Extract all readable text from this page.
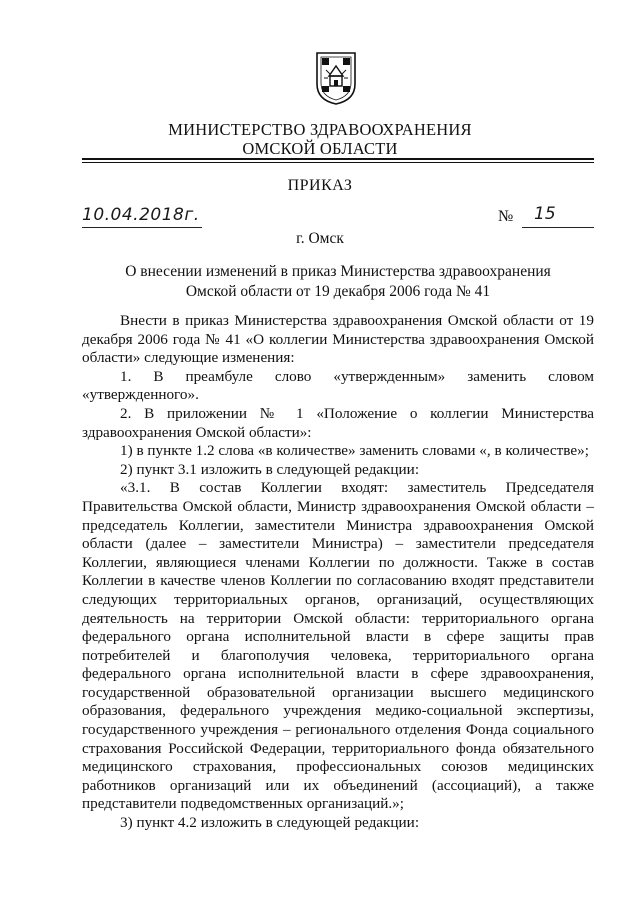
МИНИСТЕРСТВО ЗДРАВООХРАНЕНИЯ
ОМСКОЙ ОБЛАСТИ
ПРИКАЗ
10.04.2018г.	№ 15
г. Омск
О внесении изменений в приказ Министерства здравоохранения
Омской области от 19 декабря 2006 года № 41

Внести в приказ Министерства здравоохранения Омской области от 19 декабря 2006 года № 41 «О коллегии Министерства здравоохранения Омской области» следующие изменения:

1. В преамбуле слово «утвержденным» заменить словом «утвержденного».

2. В приложении № 1 «Положение о коллегии Министерства здравоохранения Омской области»:

1) в пункте 1.2 слова «в количестве» заменить словами «, в количестве»;

2) пункт 3.1 изложить в следующей редакции:

«3.1. В состав Коллегии входят: заместитель Председателя Правительства Омской области, Министр здравоохранения Омской области – председатель Коллегии, заместители Министра здравоохранения Омской области (далее – заместители Министра) – заместители председателя Коллегии, являющиеся членами Коллегии по должности. Также в состав Коллегии в качестве членов Коллегии по согласованию входят представители следующих территориальных органов, организаций, осуществляющих деятельность на территории Омской области: территориального органа федерального органа исполнительной власти в сфере защиты прав потребителей и благополучия человека, территориального органа федерального органа исполнительной власти в сфере здравоохранения, государственной образовательной организации высшего медицинского образования, федерального учреждения медико-социальной экспертизы, государственного учреждения – регионального отделения Фонда социального страхования Российской Федерации, территориального фонда обязательного медицинского страхования, профессиональных союзов медицинских работников организаций или их объединений (ассоциаций), а также представители подведомственных организаций.»;

3) пункт 4.2 изложить в следующей редакции:
